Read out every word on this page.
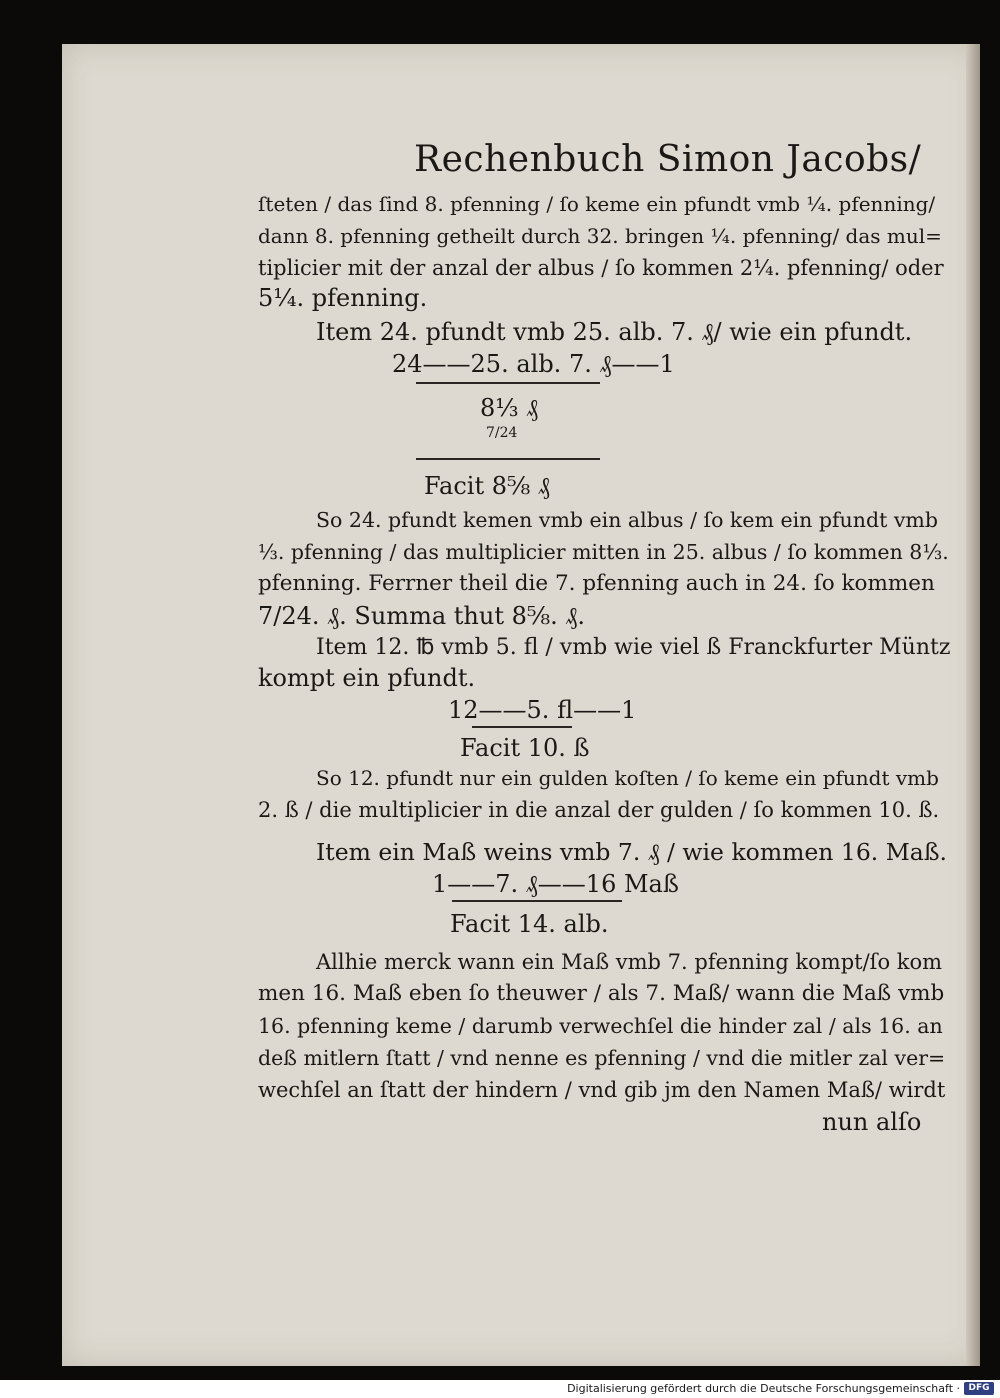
Rechenbuch Simon Jacobs/
ſteten / das ſind 8. pfenning / ſo keme ein pfundt vmb ¼. pfenning/
dann 8. pfenning getheilt durch 32. bringen ¼. pfenning/ das mul=
tiplicier mit der anzal der albus / ſo kommen 2¼. pfenning/ oder
5¼. pfenning.
Item 24. pfundt vmb 25. alb. 7. ₰/ wie ein pfundt.
24——25. alb. 7. ₰——1
8⅓ ₰
7/24
Facit 8⅝ ₰
So 24. pfundt kemen vmb ein albus / ſo kem ein pfundt vmb
⅓. pfenning / das multiplicier mitten in 25. albus / ſo kommen 8⅓.
pfenning. Ferrner theil die 7. pfenning auch in 24. ſo kommen
7/24. ₰. Summa thut 8⅝. ₰.
Item 12. ℔ vmb 5. fl / vmb wie viel ß Franckfurter Müntz
kompt ein pfundt.
12——5. fl——1
Facit 10. ß
So 12. pfundt nur ein gulden koſten / ſo keme ein pfundt vmb
2. ß / die multiplicier in die anzal der gulden / ſo kommen 10. ß.
Item ein Maß weins vmb 7. ₰ / wie kommen 16. Maß.
1——7. ₰——16 Maß
Facit 14. alb.
Allhie merck wann ein Maß vmb 7. pfenning kompt/ſo kom
men 16. Maß eben ſo theuwer / als 7. Maß/ wann die Maß vmb
16. pfenning keme / darumb verwechſel die hinder zal / als 16. an
deß mitlern ſtatt / vnd nenne es pfenning / vnd die mitler zal ver=
wechſel an ſtatt der hindern / vnd gib jm den Namen Maß/ wirdt
nun alſo
Digitalisierung gefördert durch die Deutsche Forschungsgemeinschaft · DFG
